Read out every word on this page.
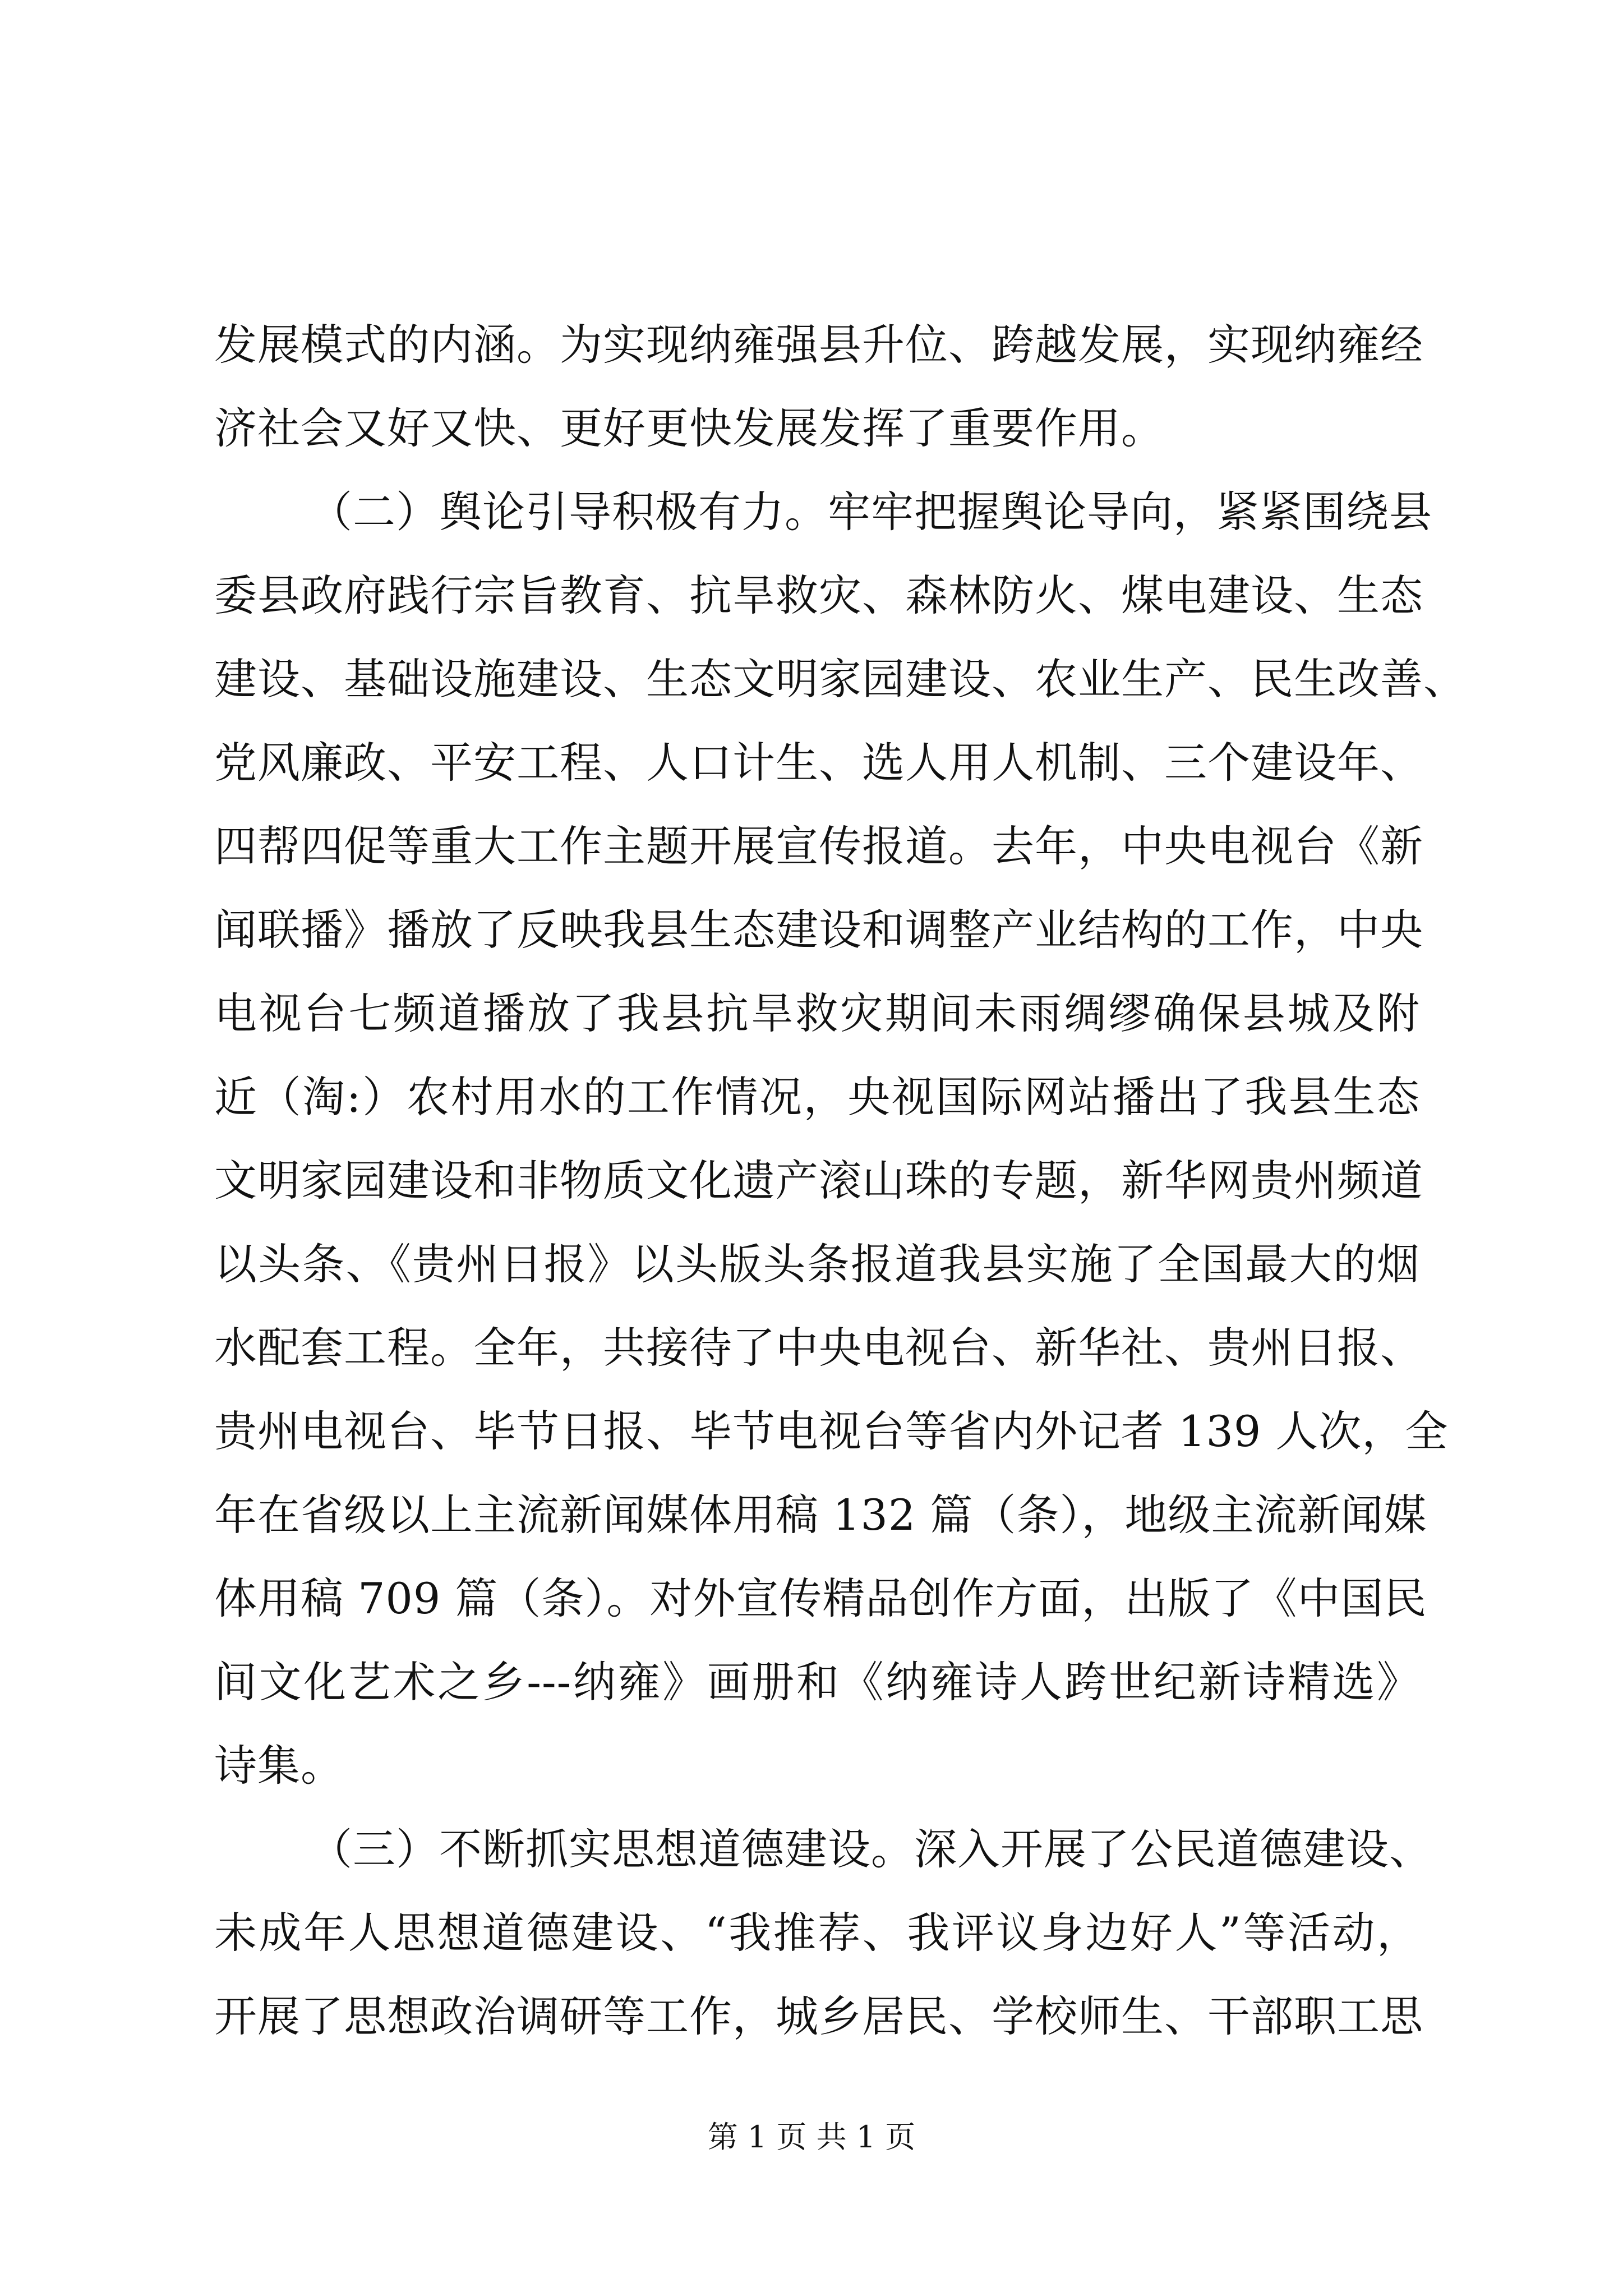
发展模式的内涵。为实现纳雍强县升位、跨越发展，实现纳雍经
济社会又好又快、更好更快发展发挥了重要作用。
（二）舆论引导积极有力。牢牢把握舆论导向，紧紧围绕县
委县政府践行宗旨教育、抗旱救灾、森林防火、煤电建设、生态
建设、基础设施建设、生态文明家园建设、农业生产、民生改善、
党风廉政、平安工程、人口计生、选人用人机制、三个建设年、
四帮四促等重大工作主题开展宣传报道。去年，中央电视台《新
闻联播》播放了反映我县生态建设和调整产业结构的工作，中央
电视台七频道播放了我县抗旱救灾期间未雨绸缪确保县城及附
近（淘:）农村用水的工作情况，央视国际网站播出了我县生态
文明家园建设和非物质文化遗产滚山珠的专题，新华网贵州频道
以头条、《贵州日报》以头版头条报道我县实施了全国最大的烟
水配套工程。全年，共接待了中央电视台、新华社、贵州日报、
贵州电视台、毕节日报、毕节电视台等省内外记者 139 人次，全
年在省级以上主流新闻媒体用稿 132 篇（条），地级主流新闻媒
体用稿 709 篇（条）。对外宣传精品创作方面，出版了《中国民
间文化艺术之乡---纳雍》画册和《纳雍诗人跨世纪新诗精选》
诗集。
（三）不断抓实思想道德建设。深入开展了公民道德建设、
未成年人思想道德建设、“我推荐、我评议身边好人”等活动，
开展了思想政治调研等工作，城乡居民、学校师生、干部职工思
第 1 页 共 1 页
